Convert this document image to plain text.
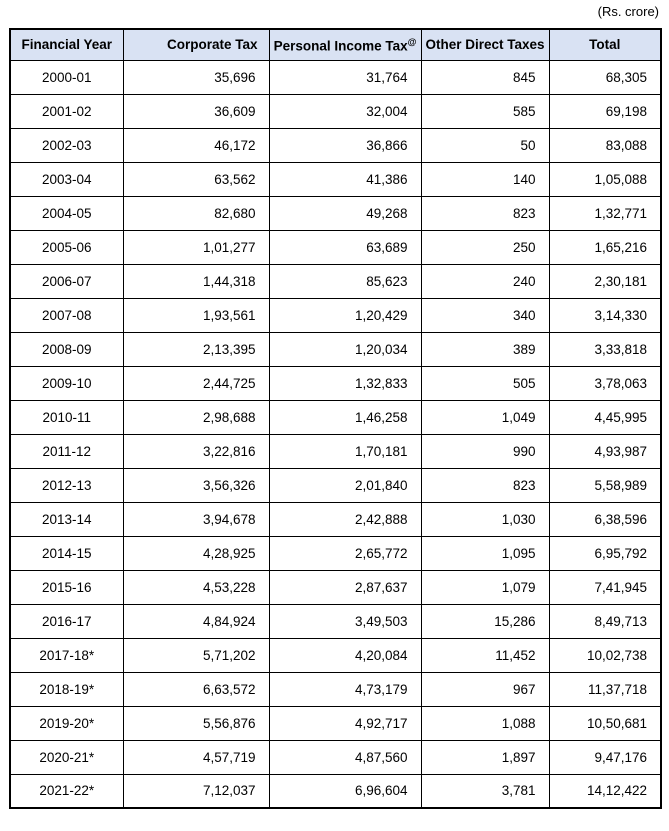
(Rs. crore)
Financial Year	Corporate Tax	Personal Income Tax@	Other Direct Taxes	Total
2000-01	35,696	31,764	845	68,305
2001-02	36,609	32,004	585	69,198
2002-03	46,172	36,866	50	83,088
2003-04	63,562	41,386	140	1,05,088
2004-05	82,680	49,268	823	1,32,771
2005-06	1,01,277	63,689	250	1,65,216
2006-07	1,44,318	85,623	240	2,30,181
2007-08	1,93,561	1,20,429	340	3,14,330
2008-09	2,13,395	1,20,034	389	3,33,818
2009-10	2,44,725	1,32,833	505	3,78,063
2010-11	2,98,688	1,46,258	1,049	4,45,995
2011-12	3,22,816	1,70,181	990	4,93,987
2012-13	3,56,326	2,01,840	823	5,58,989
2013-14	3,94,678	2,42,888	1,030	6,38,596
2014-15	4,28,925	2,65,772	1,095	6,95,792
2015-16	4,53,228	2,87,637	1,079	7,41,945
2016-17	4,84,924	3,49,503	15,286	8,49,713
2017-18*	5,71,202	4,20,084	11,452	10,02,738
2018-19*	6,63,572	4,73,179	967	11,37,718
2019-20*	5,56,876	4,92,717	1,088	10,50,681
2020-21*	4,57,719	4,87,560	1,897	9,47,176
2021-22*	7,12,037	6,96,604	3,781	14,12,422
